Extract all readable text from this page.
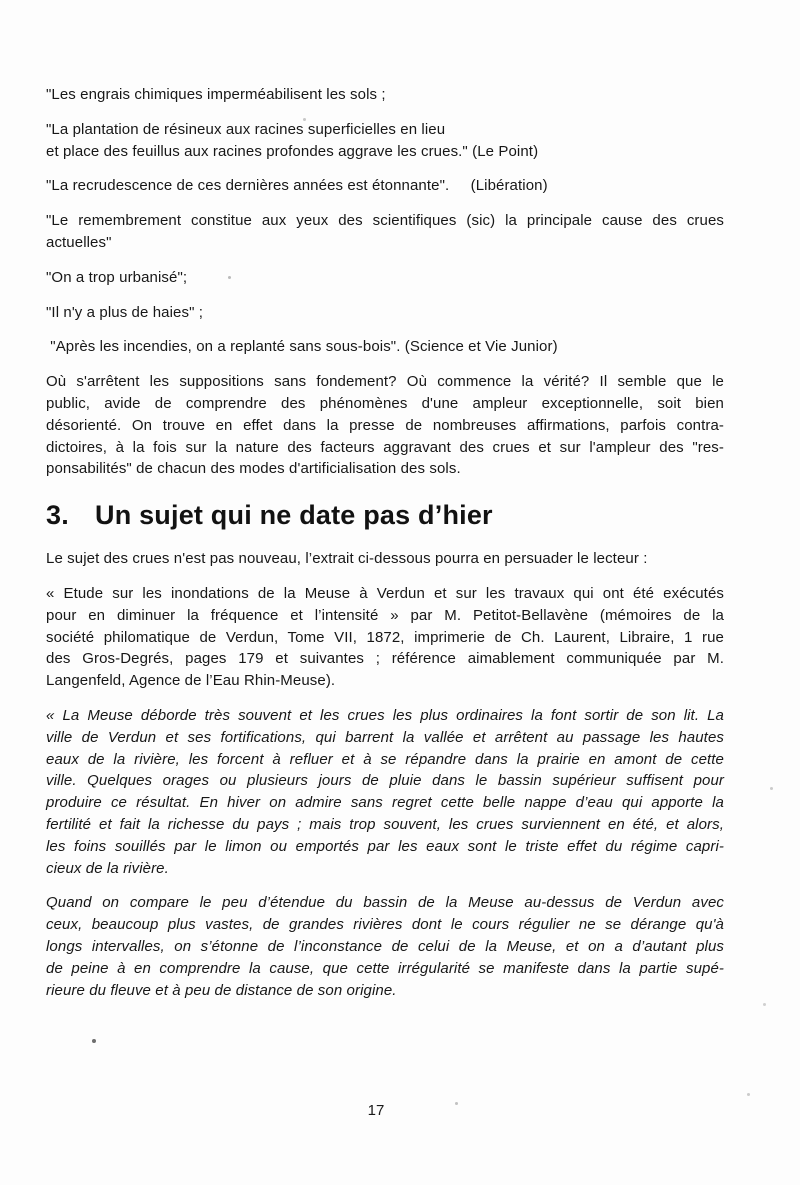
"Les engrais chimiques imperméabilisent les sols ;
"La plantation de résineux aux racines superficielles en lieu
et place des feuillus aux racines profondes aggrave les crues." (Le Point)
"La recrudescence de ces dernières années est étonnante".     (Libération)
"Le remembrement constitue aux yeux des scientifiques (sic) la principale cause des crues
actuelles"
"On a trop urbanisé";
"Il n'y a plus de haies" ;
"Après les incendies, on a replanté sans sous-bois". (Science et Vie Junior)
Où s'arrêtent les suppositions sans fondement? Où commence la vérité? Il semble que le
public, avide de comprendre des phénomènes d'une ampleur exceptionnelle, soit bien
désorienté. On trouve en effet dans la presse de nombreuses affirmations, parfois contra-
dictoires, à la fois sur la nature des facteurs aggravant des crues et sur l'ampleur des "res-
ponsabilités" de chacun des modes d'artificialisation des sols.
3. Un sujet qui ne date pas d’hier
Le sujet des crues n'est pas nouveau, l’extrait ci-dessous pourra en persuader le lecteur :
« Etude sur les inondations de la Meuse à Verdun et sur les travaux qui ont été exécutés
pour en diminuer la fréquence et l’intensité » par M. Petitot-Bellavène (mémoires de la
société philomatique de Verdun, Tome VII, 1872, imprimerie de Ch. Laurent, Libraire, 1 rue
des Gros-Degrés, pages 179 et suivantes ; référence aimablement communiquée par M.
Langenfeld, Agence de l’Eau Rhin-Meuse).
« La Meuse déborde très souvent et les crues les plus ordinaires la font sortir de son lit. La
ville de Verdun et ses fortifications, qui barrent la vallée et arrêtent au passage les hautes
eaux de la rivière, les forcent à refluer et à se répandre dans la prairie en amont de cette
ville. Quelques orages ou plusieurs jours de pluie dans le bassin supérieur suffisent pour
produire ce résultat. En hiver on admire sans regret cette belle nappe d’eau qui apporte la
fertilité et fait la richesse du pays ; mais trop souvent, les crues surviennent en été, et alors,
les foins souillés par le limon ou emportés par les eaux sont le triste effet du régime capri-
cieux de la rivière.
Quand on compare le peu d’étendue du bassin de la Meuse au-dessus de Verdun avec
ceux, beaucoup plus vastes, de grandes rivières dont le cours régulier ne se dérange qu'à
longs intervalles, on s’étonne de l’inconstance de celui de la Meuse, et on a d’autant plus
de peine à en comprendre la cause, que cette irrégularité se manifeste dans la partie supé-
rieure du fleuve et à peu de distance de son origine.
17
